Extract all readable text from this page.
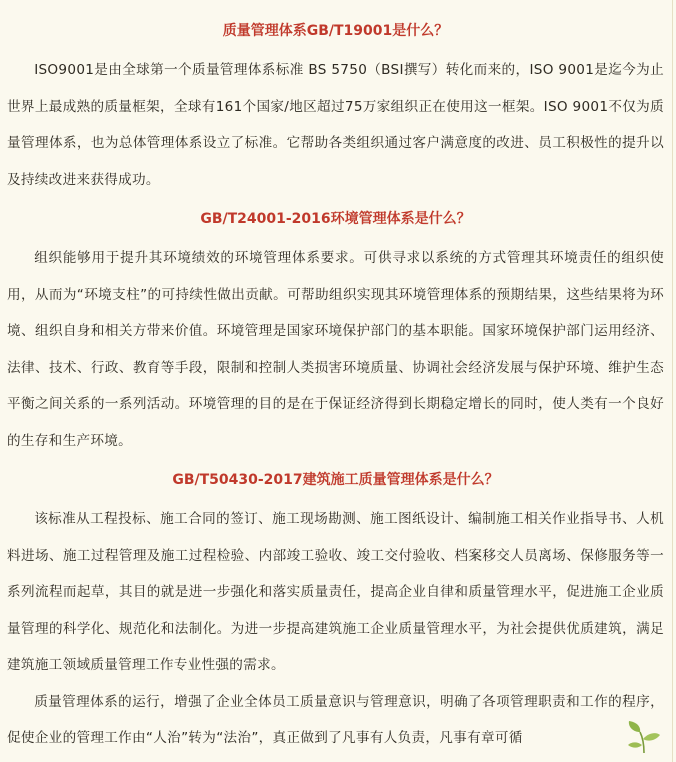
质量管理体系GB/T19001是什么？

ISO9001是由全球第一个质量管理体系标准 BS 5750（BSI撰写）转化而来的，ISO 9001是迄今为止世界上最成熟的质量框架，全球有161个国家/地区超过75万家组织正在使用这一框架。ISO 9001不仅为质量管理体系，也为总体管理体系设立了标准。它帮助各类组织通过客户满意度的改进、员工积极性的提升以及持续改进来获得成功。

GB/T24001-2016环境管理体系是什么？

组织能够用于提升其环境绩效的环境管理体系要求。可供寻求以系统的方式管理其环境责任的组织使用，从而为“环境支柱”的可持续性做出贡献。可帮助组织实现其环境管理体系的预期结果，这些结果将为环境、组织自身和相关方带来价值。环境管理是国家环境保护部门的基本职能。国家环境保护部门运用经济、法律、技术、行政、教育等手段，限制和控制人类损害环境质量、协调社会经济发展与保护环境、维护生态平衡之间关系的一系列活动。环境管理的目的是在于保证经济得到长期稳定增长的同时，使人类有一个良好的生存和生产环境。

GB/T50430-2017建筑施工质量管理体系是什么？

该标准从工程投标、施工合同的签订、施工现场勘测、施工图纸设计、编制施工相关作业指导书、人机料进场、施工过程管理及施工过程检验、内部竣工验收、竣工交付验收、档案移交人员离场、保修服务等一系列流程而起草，其目的就是进一步强化和落实质量责任，提高企业自律和质量管理水平，促进施工企业质量管理的科学化、规范化和法制化。为进一步提高建筑施工企业质量管理水平，为社会提供优质建筑，满足建筑施工领域质量管理工作专业性强的需求。

质量管理体系的运行，增强了企业全体员工质量意识与管理意识，明确了各项管理职责和工作的程序，促使企业的管理工作由“人治”转为“法治”，真正做到了凡事有人负责，凡事有章可循
